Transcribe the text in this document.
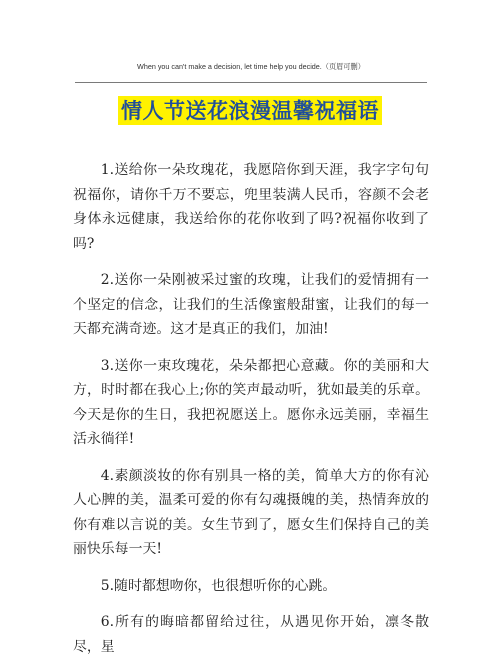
When you can't make a decision, let time help you decide.（页眉可删）
情人节送花浪漫温馨祝福语

1.送给你一朵玫瑰花，我愿陪你到天涯，我字字句句祝福你，请你千万不要忘，兜里装满人民币，容颜不会老身体永远健康，我送给你的花你收到了吗?祝福你收到了吗?

2.送你一朵刚被采过蜜的玫瑰，让我们的爱情拥有一个坚定的信念，让我们的生活像蜜般甜蜜，让我们的每一天都充满奇迹。这才是真正的我们，加油!

3.送你一束玫瑰花，朵朵都把心意藏。你的美丽和大方，时时都在我心上;你的笑声最动听，犹如最美的乐章。今天是你的生日，我把祝愿送上。愿你永远美丽，幸福生活永徜徉!

4.素颜淡妆的你有别具一格的美，简单大方的你有沁人心脾的美，温柔可爱的你有勾魂摄魄的美，热情奔放的你有难以言说的美。女生节到了，愿女生们保持自己的美丽快乐每一天!

5.随时都想吻你，也很想听你的心跳。

6.所有的晦暗都留给过往，从遇见你开始，凛冬散尽，星
